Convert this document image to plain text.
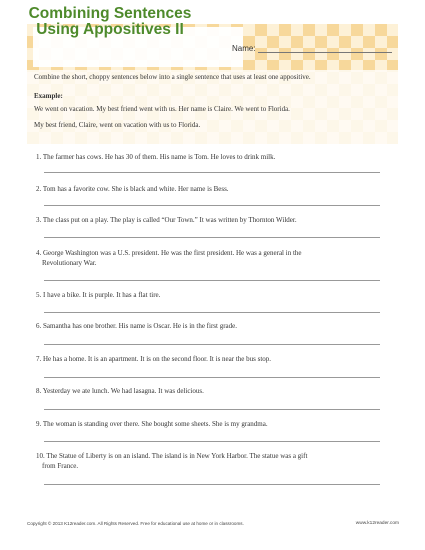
Combining Sentences
Using Appositives II
Name:
Combine the short, choppy sentences below into a single sentence that uses at least one appositive.
Example:
We went on vacation. My best friend went with us. Her name is Claire. We went to Florida.
My best friend, Claire, went on vacation with us to Florida.
1. The farmer has cows. He has 30 of them. His name is Tom. He loves to drink milk.
2. Tom has a favorite cow. She is black and white. Her name is Bess.
3. The class put on a play. The play is called “Our Town.” It was written by Thornton Wilder.
4. George Washington was a U.S. president. He was the first president. He was a general in the
Revolutionary War.
5. I have a bike. It is purple. It has a flat tire.
6. Samantha has one brother. His name is Oscar. He is in the first grade.
7. He has a home. It is an apartment. It is on the second floor. It is near the bus stop.
8. Yesterday we ate lunch. We had lasagna. It was delicious.
9. The woman is standing over there. She bought some sheets. She is my grandma.
10. The Statue of Liberty is on an island. The island is in New York Harbor. The statue was a gift
from France.
Copyright © 2013 K12reader.com. All Rights Reserved. Free for educational use at home or in classrooms.	www.k12reader.com
